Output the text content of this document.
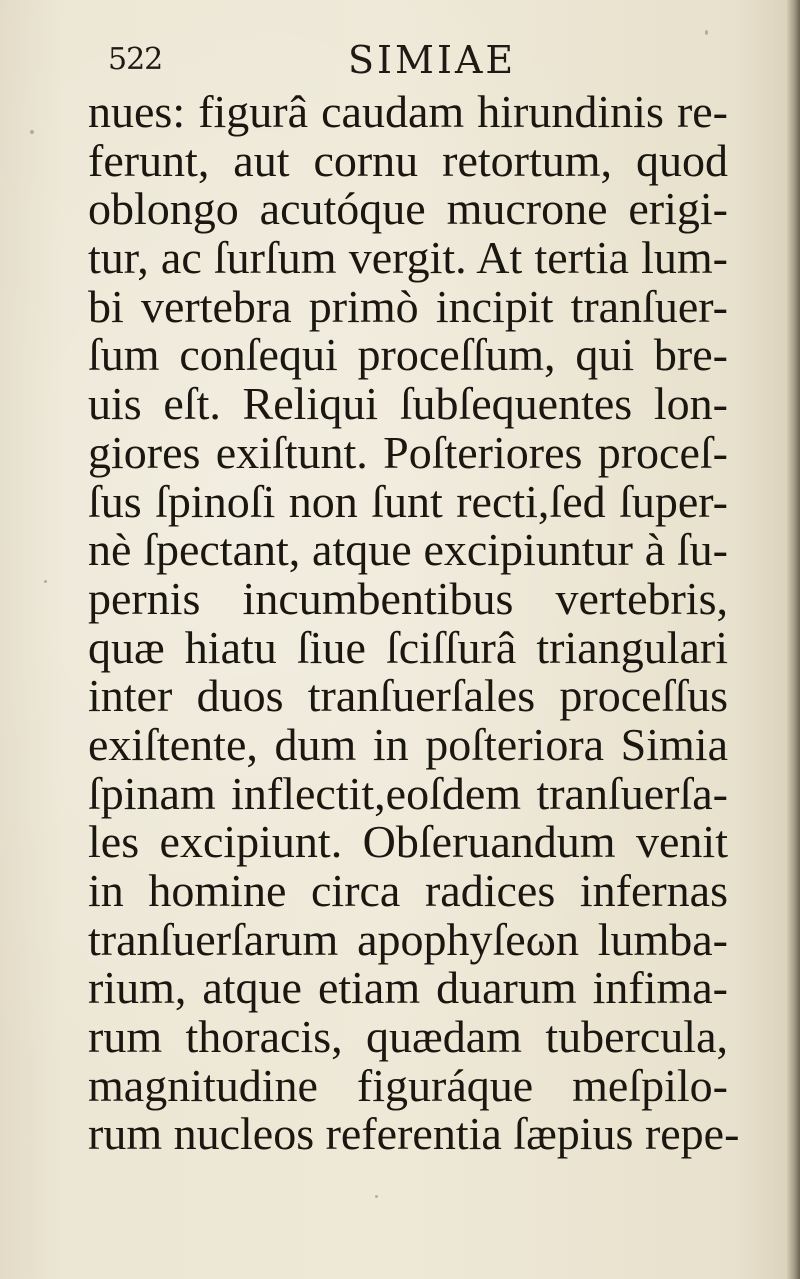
522	SIMIAE
nues: figurâ caudam hirundinis re-
ferunt, aut cornu retortum, quod
oblongo acutóque mucrone erigi-
tur, ac ſurſum vergit. At tertia lum-
bi vertebra primò incipit tranſuer-
ſum conſequi proceſſum, qui bre-
uis eſt. Reliqui ſubſequentes lon-
giores exiſtunt. Poſteriores proceſ-
ſus ſpinoſi non ſunt recti,ſed ſuper-
nè ſpectant, atque excipiuntur à ſu-
pernis incumbentibus vertebris,
quæ hiatu ſiue ſciſſurâ triangulari
inter duos tranſuerſales proceſſus
exiſtente, dum in poſteriora Simia
ſpinam inflectit,eoſdem tranſuerſa-
les excipiunt. Obſeruandum venit
in homine circa radices infernas
tranſuerſarum apophyſeωn lumba-
rium, atque etiam duarum infima-
rum thoracis, quædam tubercula,
magnitudine figuráque meſpilo-
rum nucleos referentia ſæpius repe-
